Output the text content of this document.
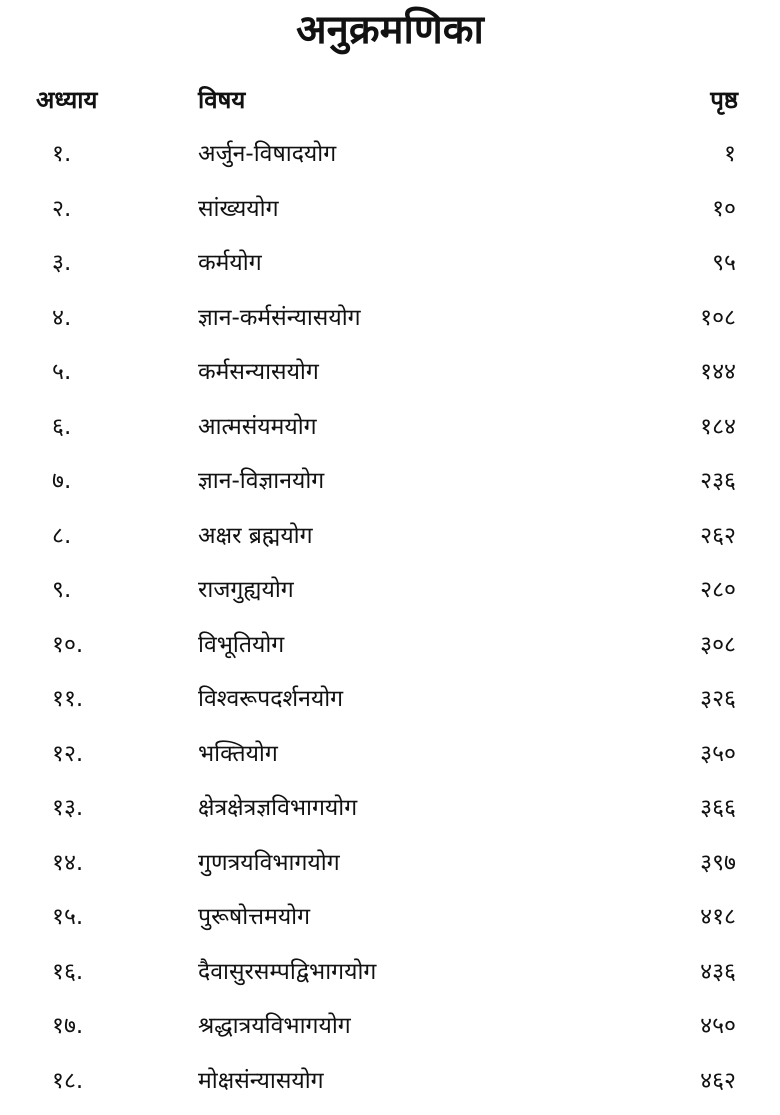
अनुक्रमणिका
अध्याय	विषय	पृष्ठ
१.	अर्जुन-विषादयोग	१
२.	सांख्ययोग	१०
३.	कर्मयोग	९५
४.	ज्ञान-कर्मसंन्यासयोग	१०८
५.	कर्मसन्यासयोग	१४४
६.	आत्मसंयमयोग	१८४
७.	ज्ञान-विज्ञानयोग	२३६
८.	अक्षर ब्रह्मयोग	२६२
९.	राजगुह्ययोग	२८०
१०.	विभूतियोग	३०८
११.	विश्वरूपदर्शनयोग	३२६
१२.	भक्तियोग	३५०
१३.	क्षेत्रक्षेत्रज्ञविभागयोग	३६६
१४.	गुणत्रयविभागयोग	३९७
१५.	पुरूषोत्तमयोग	४१८
१६.	दैवासुरसम्पद्विभागयोग	४३६
१७.	श्रद्धात्रयविभागयोग	४५०
१८.	मोक्षसंन्यासयोग	४६२
